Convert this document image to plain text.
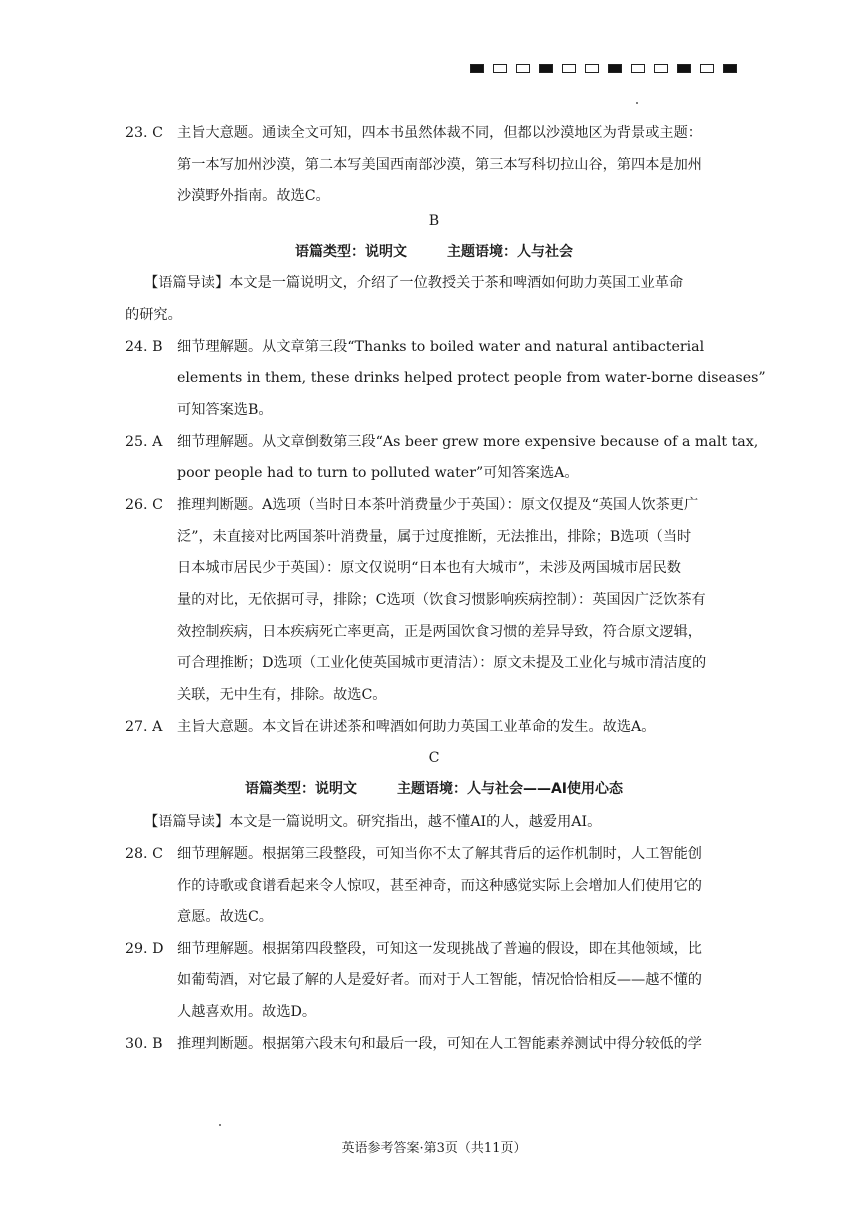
23. C 主旨大意题。通读全文可知，四本书虽然体裁不同，但都以沙漠地区为背景或主题：
第一本写加州沙漠，第二本写美国西南部沙漠，第三本写科切拉山谷，第四本是加州
沙漠野外指南。故选C。
B
语篇类型：说明文	主题语境：人与社会
【语篇导读】本文是一篇说明文，介绍了一位教授关于茶和啤酒如何助力英国工业革命
的研究。
24. B 细节理解题。从文章第三段“Thanks to boiled water and natural antibacterial
elements in them, these drinks helped protect people from water-borne diseases”
可知答案选B。
25. A 细节理解题。从文章倒数第三段“As beer grew more expensive because of a malt tax,
poor people had to turn to polluted water”可知答案选A。
26. C 推理判断题。A选项（当时日本茶叶消费量少于英国）：原文仅提及“英国人饮茶更广
泛”，未直接对比两国茶叶消费量，属于过度推断，无法推出，排除；B选项（当时
日本城市居民少于英国）：原文仅说明“日本也有大城市”，未涉及两国城市居民数
量的对比，无依据可寻，排除；C选项（饮食习惯影响疾病控制）：英国因广泛饮茶有
效控制疾病，日本疾病死亡率更高，正是两国饮食习惯的差异导致，符合原文逻辑，
可合理推断；D选项（工业化使英国城市更清洁）：原文未提及工业化与城市清洁度的
关联，无中生有，排除。故选C。
27. A 主旨大意题。本文旨在讲述茶和啤酒如何助力英国工业革命的发生。故选A。
C
语篇类型：说明文	主题语境：人与社会——AI使用心态
【语篇导读】本文是一篇说明文。研究指出，越不懂AI的人，越爱用AI。
28. C 细节理解题。根据第三段整段，可知当你不太了解其背后的运作机制时，人工智能创
作的诗歌或食谱看起来令人惊叹，甚至神奇，而这种感觉实际上会增加人们使用它的
意愿。故选C。
29. D 细节理解题。根据第四段整段，可知这一发现挑战了普遍的假设，即在其他领域，比
如葡萄酒，对它最了解的人是爱好者。而对于人工智能，情况恰恰相反——越不懂的
人越喜欢用。故选D。
30. B 推理判断题。根据第六段末句和最后一段，可知在人工智能素养测试中得分较低的学
英语参考答案·第3页（共11页）
